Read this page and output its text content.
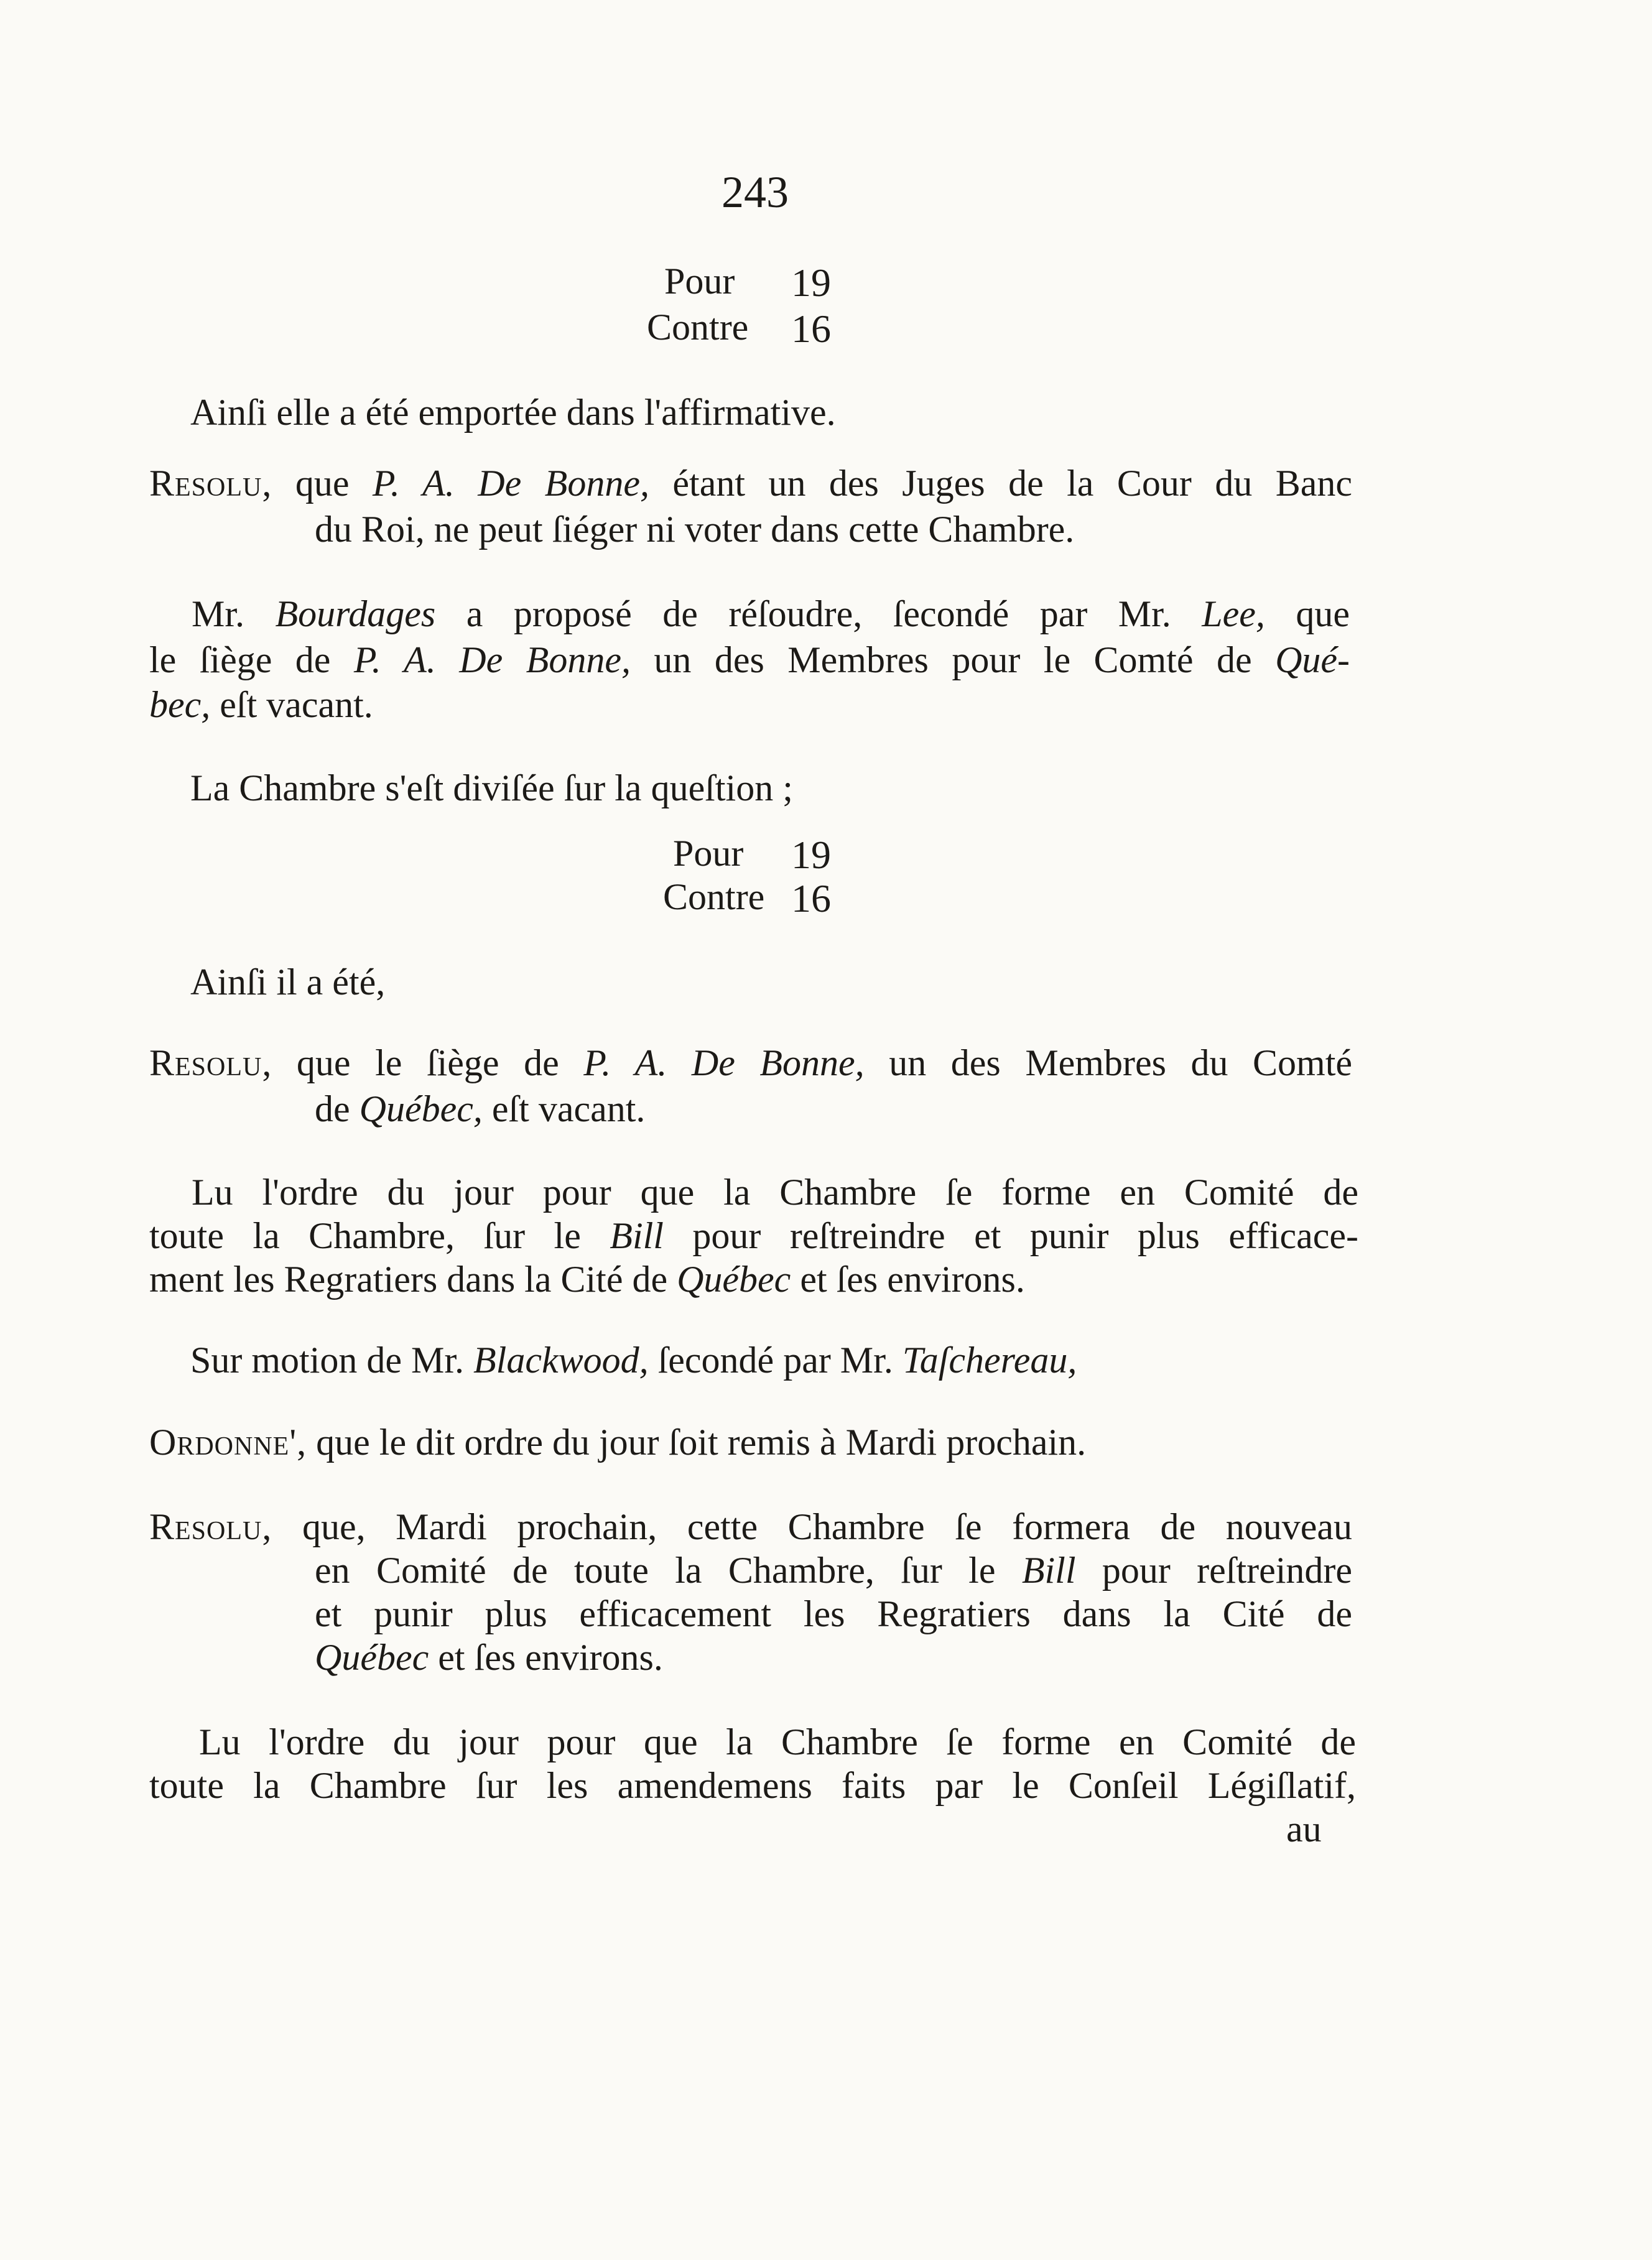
243
Pour 19
Contre 16
Ainſi elle a été emportée dans l'affirmative.
Resolu, que P. A. De Bonne, étant un des Juges de la Cour du Banc
du Roi, ne peut ſiéger ni voter dans cette Chambre.
Mr. Bourdages a proposé de réſoudre, ſecondé par Mr. Lee, que
le ſiège de P. A. De Bonne, un des Membres pour le Comté de Qué-
bec, eſt vacant.
La Chambre s'eſt diviſée ſur la queſtion ;
Pour 19
Contre 16
Ainſi il a été,
Resolu, que le ſiège de P. A. De Bonne, un des Membres du Comté
de Québec, eſt vacant.
Lu l'ordre du jour pour que la Chambre ſe forme en Comité de
toute la Chambre, ſur le Bill pour reſtreindre et punir plus efficace-
ment les Regratiers dans la Cité de Québec et ſes environs.
Sur motion de Mr. Blackwood, ſecondé par Mr. Taſchereau,
Ordonne', que le dit ordre du jour ſoit remis à Mardi prochain.
Resolu, que, Mardi prochain, cette Chambre ſe formera de nouveau
en Comité de toute la Chambre, ſur le Bill pour reſtreindre
et punir plus efficacement les Regratiers dans la Cité de
Québec et ſes environs.
Lu l'ordre du jour pour que la Chambre ſe forme en Comité de
toute la Chambre ſur les amendemens faits par le Conſeil Légiſlatif,
au
